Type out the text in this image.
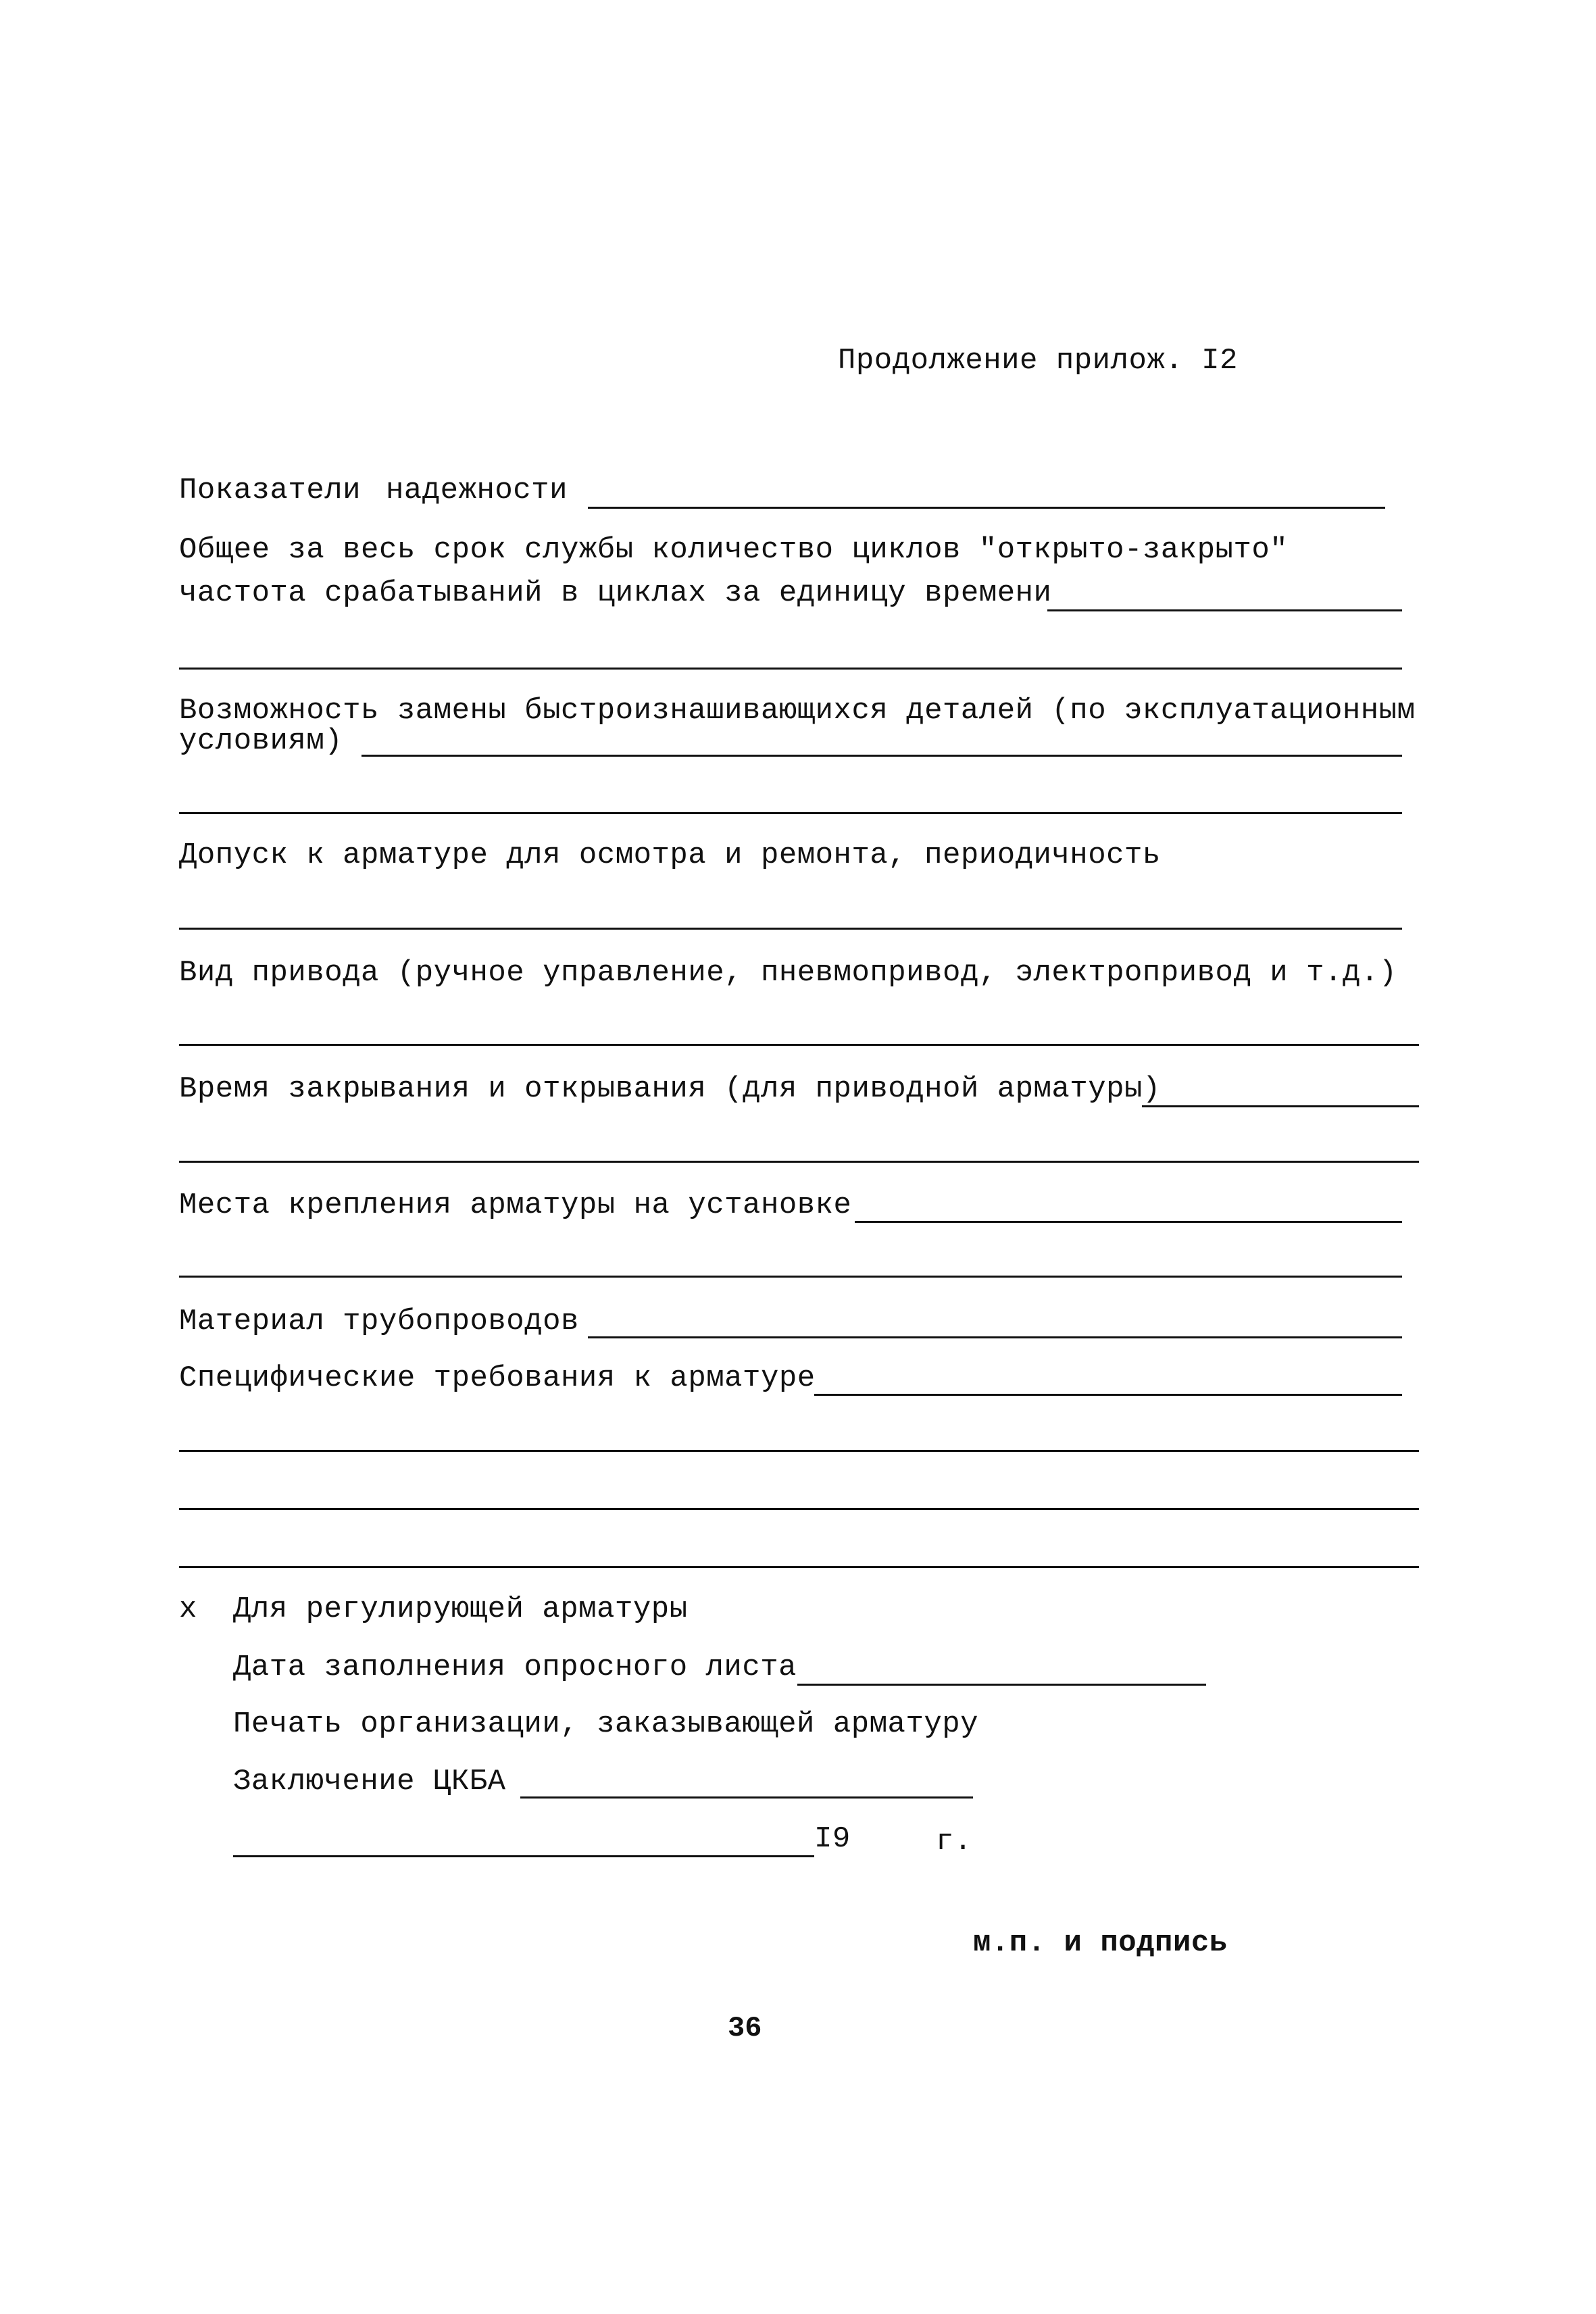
Продолжение прилож. I2
Показатели надежности
Общее за весь срок службы количество циклов "открыто-закрыто"
частота срабатываний в циклах за единицу времени
Возможность замены быстроизнашивающихся деталей (по эксплуатационным
условиям)
Допуск к арматуре для осмотра и ремонта, периодичность
Вид привода (ручное управление, пневмопривод, электропривод и т.д.)
Время закрывания и открывания (для приводной арматуры)
Места крепления арматуры на установке
Материал трубопроводов
Специфические требования к арматуре
х Для регулирующей арматуры
Дата заполнения опросного листа
Печать организации, заказывающей арматуру
Заключение ЦКБА
I9	г.
м.п. и подпись
36
